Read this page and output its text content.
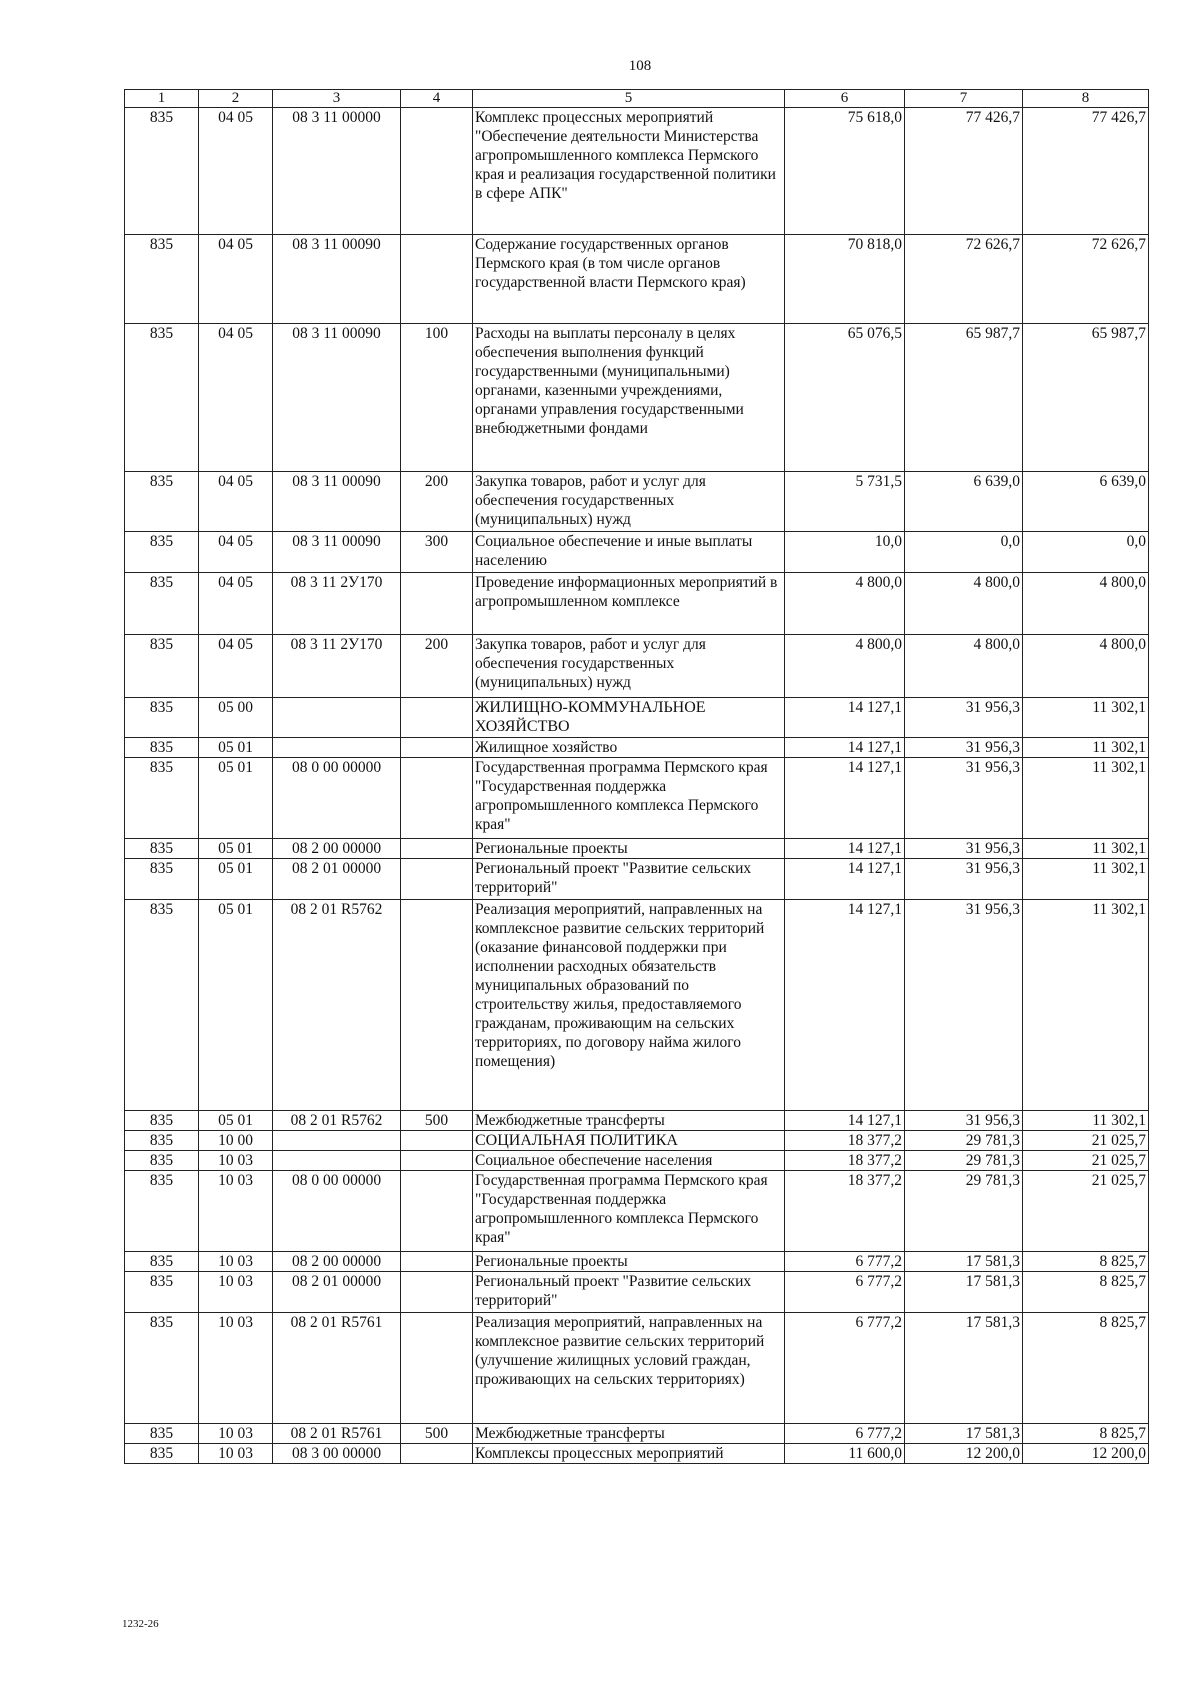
108
1	2	3	4	5	6	7	8
835	04 05	08 3 11 00000		Комплекс процессных мероприятий "Обеспечение деятельности Министерства агропромышленного комплекса Пермского края и реализация государственной политики в сфере АПК"	75 618,0	77 426,7	77 426,7
835	04 05	08 3 11 00090		Содержание государственных органов Пермского края (в том числе органов государственной власти Пермского края)	70 818,0	72 626,7	72 626,7
835	04 05	08 3 11 00090	100	Расходы на выплаты персоналу в целях обеспечения выполнения функций государственными (муниципальными) органами, казенными учреждениями, органами управления государственными внебюджетными фондами	65 076,5	65 987,7	65 987,7
835	04 05	08 3 11 00090	200	Закупка товаров, работ и услуг для обеспечения государственных (муниципальных) нужд	5 731,5	6 639,0	6 639,0
835	04 05	08 3 11 00090	300	Социальное обеспечение и иные выплаты населению	10,0	0,0	0,0
835	04 05	08 3 11 2У170		Проведение информационных мероприятий в агропромышленном комплексе	4 800,0	4 800,0	4 800,0
835	04 05	08 3 11 2У170	200	Закупка товаров, работ и услуг для обеспечения государственных (муниципальных) нужд	4 800,0	4 800,0	4 800,0
835	05 00			ЖИЛИЩНО-КОММУНАЛЬНОЕ ХОЗЯЙСТВО	14 127,1	31 956,3	11 302,1
835	05 01			Жилищное хозяйство	14 127,1	31 956,3	11 302,1
835	05 01	08 0 00 00000		Государственная программа Пермского края "Государственная поддержка агропромышленного комплекса Пермского края"	14 127,1	31 956,3	11 302,1
835	05 01	08 2 00 00000		Региональные проекты	14 127,1	31 956,3	11 302,1
835	05 01	08 2 01 00000		Региональный проект "Развитие сельских территорий"	14 127,1	31 956,3	11 302,1
835	05 01	08 2 01 R5762		Реализация мероприятий, направленных на комплексное развитие сельских территорий (оказание финансовой поддержки при исполнении расходных обязательств муниципальных образований по строительству жилья, предоставляемого гражданам, проживающим на сельских территориях, по договору найма жилого помещения)	14 127,1	31 956,3	11 302,1
835	05 01	08 2 01 R5762	500	Межбюджетные трансферты	14 127,1	31 956,3	11 302,1
835	10 00			СОЦИАЛЬНАЯ ПОЛИТИКА	18 377,2	29 781,3	21 025,7
835	10 03			Социальное обеспечение населения	18 377,2	29 781,3	21 025,7
835	10 03	08 0 00 00000		Государственная программа Пермского края "Государственная поддержка агропромышленного комплекса Пермского края"	18 377,2	29 781,3	21 025,7
835	10 03	08 2 00 00000		Региональные проекты	6 777,2	17 581,3	8 825,7
835	10 03	08 2 01 00000		Региональный проект "Развитие сельских территорий"	6 777,2	17 581,3	8 825,7
835	10 03	08 2 01 R5761		Реализация мероприятий, направленных на комплексное развитие сельских территорий (улучшение жилищных условий граждан, проживающих на сельских территориях)	6 777,2	17 581,3	8 825,7
835	10 03	08 2 01 R5761	500	Межбюджетные трансферты	6 777,2	17 581,3	8 825,7
835	10 03	08 3 00 00000		Комплексы процессных мероприятий	11 600,0	12 200,0	12 200,0
1232-26
